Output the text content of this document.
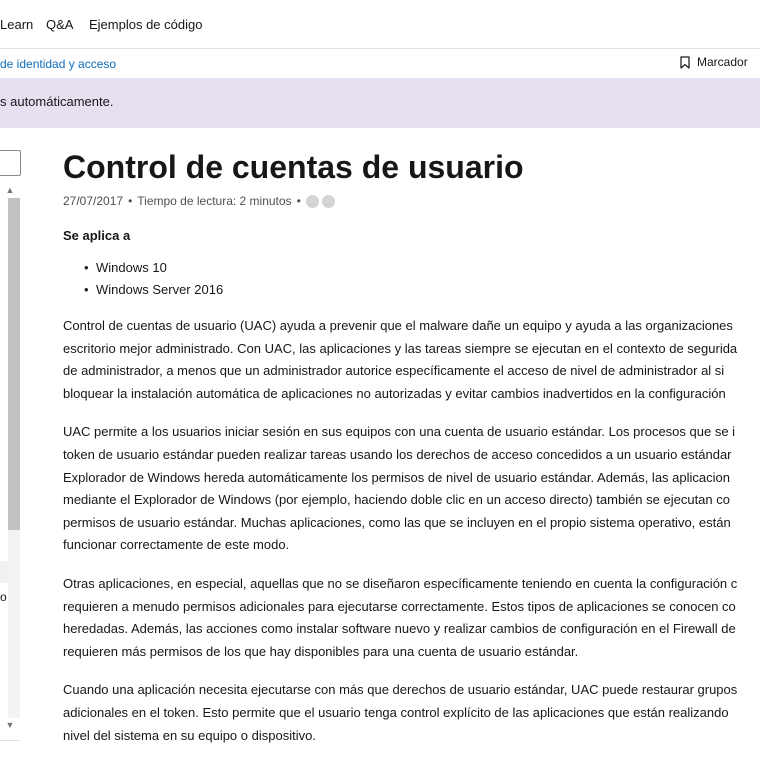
Learn Q&A Ejemplos de código
de identidad y acceso	Marcador
s automáticamente.
▲
o
▼
Control de cuentas de usuario
27/07/2017 • Tiempo de lectura: 2 minutos •
Se aplica a
• Windows 10
• Windows Server 2016

Control de cuentas de usuario (UAC) ayuda a prevenir que el malware dañe un equipo y ayuda a las organizaciones
escritorio mejor administrado. Con UAC, las aplicaciones y las tareas siempre se ejecutan en el contexto de segurida
de administrador, a menos que un administrador autorice específicamente el acceso de nivel de administrador al si
bloquear la instalación automática de aplicaciones no autorizadas y evitar cambios inadvertidos en la configuración

UAC permite a los usuarios iniciar sesión en sus equipos con una cuenta de usuario estándar. Los procesos que se i
token de usuario estándar pueden realizar tareas usando los derechos de acceso concedidos a un usuario estándar
Explorador de Windows hereda automáticamente los permisos de nivel de usuario estándar. Además, las aplicacion
mediante el Explorador de Windows (por ejemplo, haciendo doble clic en un acceso directo) también se ejecutan co
permisos de usuario estándar. Muchas aplicaciones, como las que se incluyen en el propio sistema operativo, están
funcionar correctamente de este modo.

Otras aplicaciones, en especial, aquellas que no se diseñaron específicamente teniendo en cuenta la configuración c
requieren a menudo permisos adicionales para ejecutarse correctamente. Estos tipos de aplicaciones se conocen co
heredadas. Además, las acciones como instalar software nuevo y realizar cambios de configuración en el Firewall de
requieren más permisos de los que hay disponibles para una cuenta de usuario estándar.

Cuando una aplicación necesita ejecutarse con más que derechos de usuario estándar, UAC puede restaurar grupos
adicionales en el token. Esto permite que el usuario tenga control explícito de las aplicaciones que están realizando
nivel del sistema en su equipo o dispositivo.
